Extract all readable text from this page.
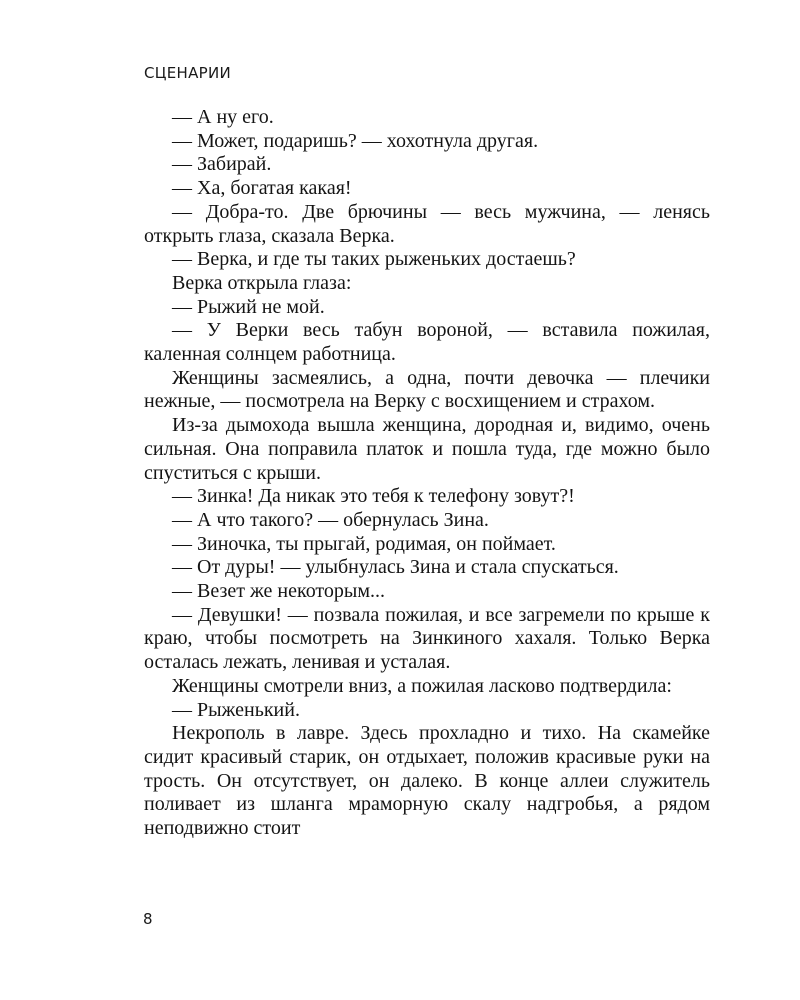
СЦЕНАРИИ

— А ну его.

— Может, подаришь? — хохотнула другая.

— Забирай.

— Ха, богатая какая!

— Добра-то. Две брючины — весь мужчина, — ленясь открыть глаза, сказала Верка.

— Верка, и где ты таких рыженьких достаешь?

Верка открыла глаза:

— Рыжий не мой.

— У Верки весь табун вороной, — вставила пожилая, каленная солнцем работница.

Женщины засмеялись, а одна, почти девочка — плечики нежные, — посмотрела на Верку с восхищением и страхом.

Из-за дымохода вышла женщина, дородная и, видимо, очень сильная. Она поправила платок и пошла туда, где можно было спуститься с крыши.

— Зинка! Да никак это тебя к телефону зовут?!

— А что такого? — обернулась Зина.

— Зиночка, ты прыгай, родимая, он поймает.

— От дуры! — улыбнулась Зина и стала спускаться.

— Везет же некоторым...

— Девушки! — позвала пожилая, и все загремели по крыше к краю, чтобы посмотреть на Зинкиного хахаля. Только Верка осталась лежать, ленивая и усталая.

Женщины смотрели вниз, а пожилая ласково подтвердила:

— Рыженький.

Некрополь в лавре. Здесь прохладно и тихо. На скамейке сидит красивый старик, он отдыхает, положив красивые руки на трость. Он отсутствует, он далеко. В конце аллеи служитель поливает из шланга мраморную скалу надгробья, а рядом неподвижно стоит

8
